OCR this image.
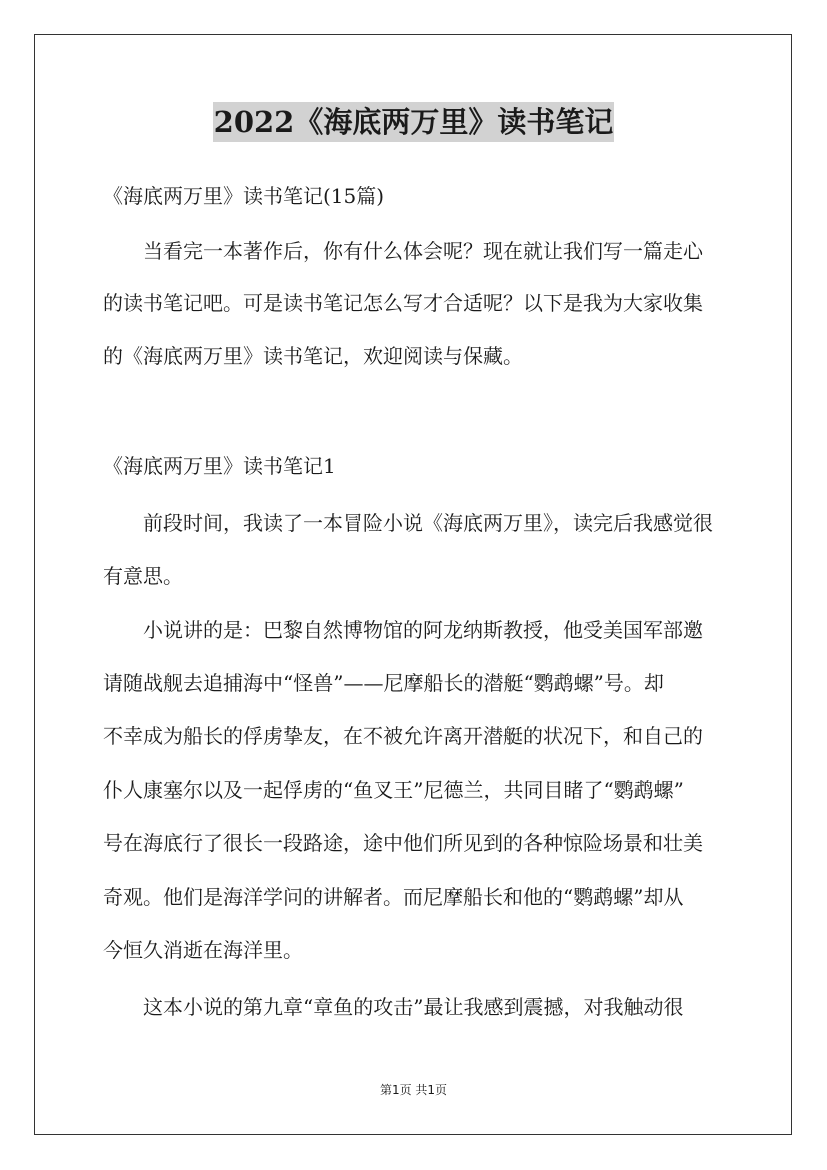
2022《海底两万里》读书笔记
《海底两万里》读书笔记(15篇)
当看完一本著作后，你有什么体会呢？现在就让我们写一篇走心
的读书笔记吧。可是读书笔记怎么写才合适呢？以下是我为大家收集
的《海底两万里》读书笔记，欢迎阅读与保藏。
《海底两万里》读书笔记1
前段时间，我读了一本冒险小说《海底两万里》，读完后我感觉很
有意思。
小说讲的是：巴黎自然博物馆的阿龙纳斯教授，他受美国军部邀
请随战舰去追捕海中“怪兽”——尼摩船长的潜艇“鹦鹉螺”号。却
不幸成为船长的俘虏挚友，在不被允许离开潜艇的状况下，和自己的
仆人康塞尔以及一起俘虏的“鱼叉王”尼德兰，共同目睹了“鹦鹉螺”
号在海底行了很长一段路途，途中他们所见到的各种惊险场景和壮美
奇观。他们是海洋学问的讲解者。而尼摩船长和他的“鹦鹉螺”却从
今恒久消逝在海洋里。
这本小说的第九章“章鱼的攻击”最让我感到震撼，对我触动很
第1页 共1页
